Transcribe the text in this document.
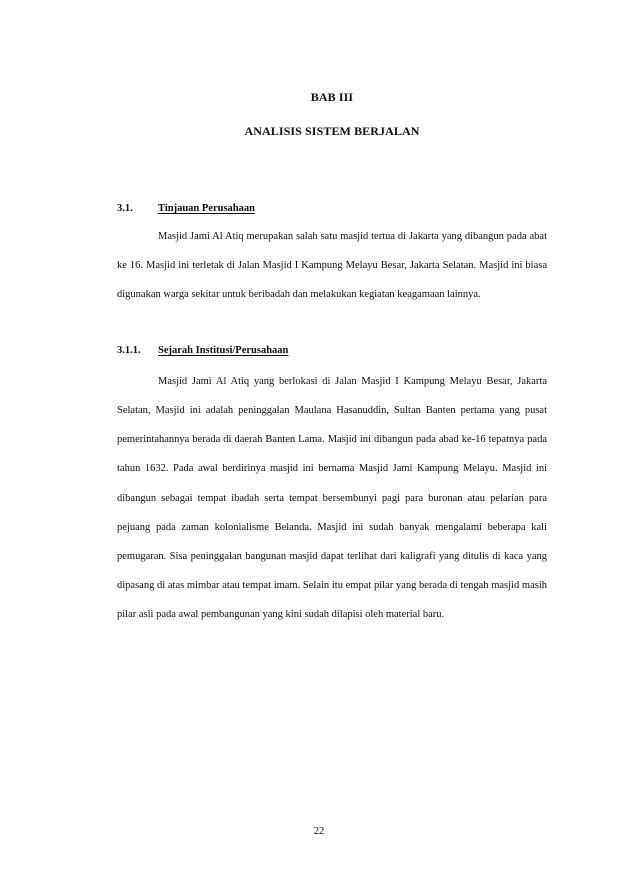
BAB III
ANALISIS SISTEM BERJALAN
3.1. Tinjauan Perusahaan

Masjid Jami Al Atiq merupakan salah satu masjid tertua di Jakarta yang dibangun pada abat ke 16. Masjid ini terletak di Jalan Masjid I Kampung Melayu Besar, Jakarta Selatan. Masjid ini biasa digunakan warga sekitar untuk beribadah dan melakukan kegiatan keagamaan lainnya.

3.1.1. Sejarah Institusi/Perusahaan

Masjid Jami Al Atiq yang berlokasi di Jalan Masjid I Kampung Melayu Besar, Jakarta Selatan, Masjid ini adalah peninggalan Maulana Hasanuddin, Sultan Banten pertama yang pusat pemerintahannya berada di daerah Banten Lama. Masjid ini dibangun pada abad ke-16 tepatnya pada tahun 1632. Pada awal berdirinya masjid ini bernama Masjid Jami Kampung Melayu. Masjid ini dibangun sebagai tempat ibadah serta tempat bersembunyi pagi para buronan atau pelarian para pejuang pada zaman kolonialisme Belanda. Masjid ini sudah banyak mengalami beberapa kali pemugaran. Sisa peninggalan bangunan masjid dapat terlihat dari kaligrafi yang ditulis di kaca yang dipasang di atas mimbar atau tempat imam. Selain itu empat pilar yang berada di tengah masjid masih pilar asli pada awal pembangunan yang kini sudah dilapisi oleh material baru.

22
